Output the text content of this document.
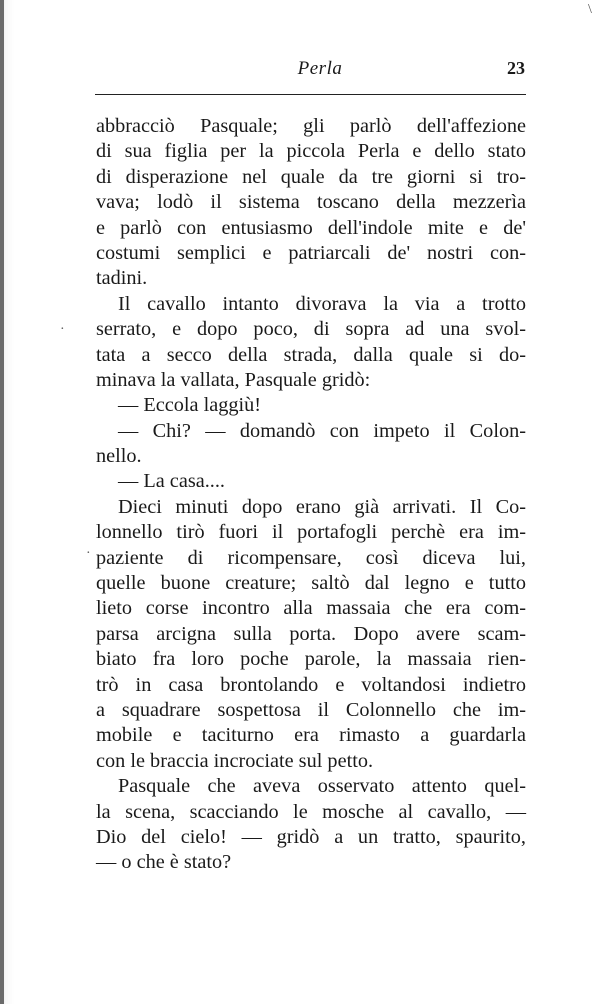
\
·
·
Perla	23
abbracciò Pasquale; gli parlò dell'affezione
di sua figlia per la piccola Perla e dello stato
di disperazione nel quale da tre giorni si tro-
vava; lodò il sistema toscano della mezzerìa
e parlò con entusiasmo dell'indole mite e de'
costumi semplici e patriarcali de' nostri con-
tadini.
Il cavallo intanto divorava la via a trotto
serrato, e dopo poco, di sopra ad una svol-
tata a secco della strada, dalla quale si do-
minava la vallata, Pasquale gridò:
— Eccola laggiù!
— Chi? — domandò con impeto il Colon-
nello.
— La casa....
Dieci minuti dopo erano già arrivati. Il Co-
lonnello tirò fuori il portafogli perchè era im-
paziente di ricompensare, così diceva lui,
quelle buone creature; saltò dal legno e tutto
lieto corse incontro alla massaia che era com-
parsa arcigna sulla porta. Dopo avere scam-
biato fra loro poche parole, la massaia rien-
trò in casa brontolando e voltandosi indietro
a squadrare sospettosa il Colonnello che im-
mobile e taciturno era rimasto a guardarla
con le braccia incrociate sul petto.
Pasquale che aveva osservato attento quel-
la scena, scacciando le mosche al cavallo, —
Dio del cielo! — gridò a un tratto, spaurito,
— o che è stato?
